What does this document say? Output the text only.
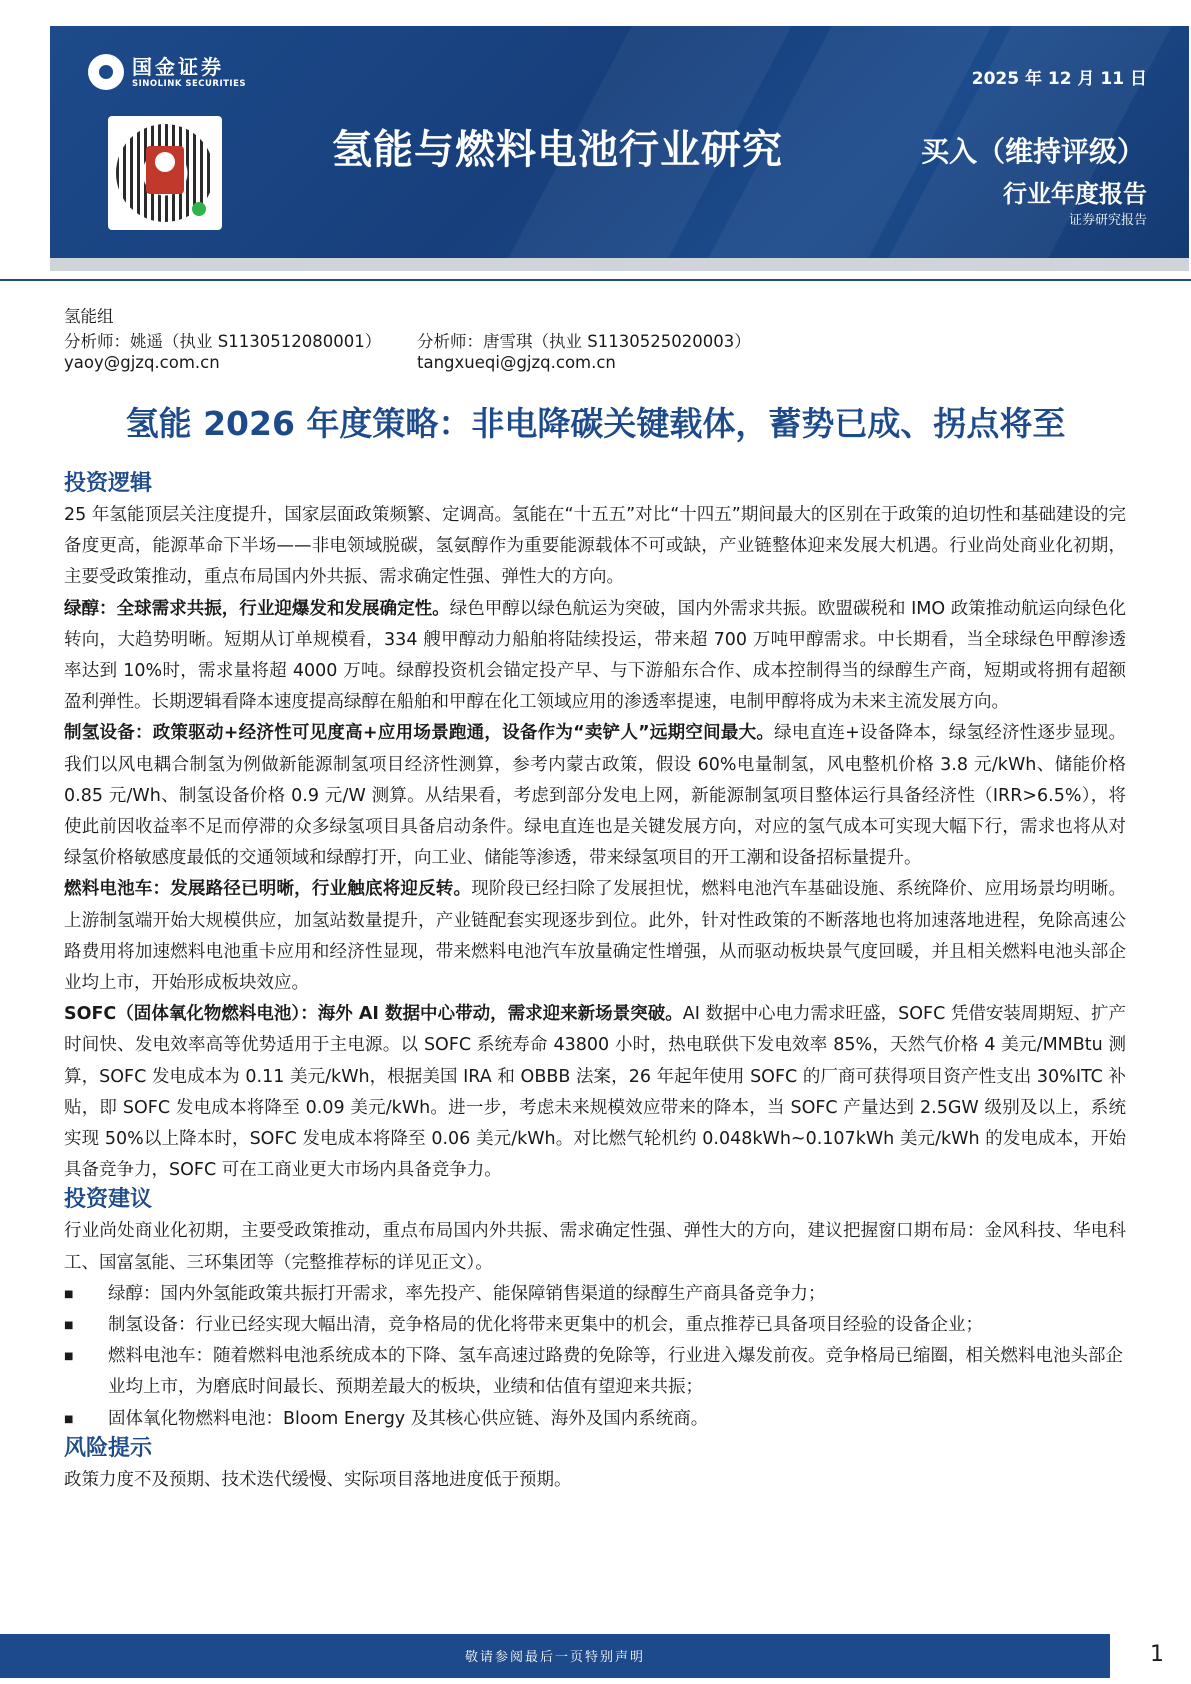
国金证券
SINOLINK SECURITIES	2025 年 12 月 11 日
氢能与燃料电池行业研究	买入（维持评级）
行业年度报告
证券研究报告
氢能组
分析师：姚遥（执业 S1130512080001）
yaoy@gjzq.com.cn
分析师：唐雪琪（执业 S1130525020003）
tangxueqi@gjzq.com.cn
氢能 2026 年度策略：非电降碳关键载体，蓄势已成、拐点将至
投资逻辑

25 年氢能顶层关注度提升，国家层面政策频繁、定调高。氢能在“十五五”对比“十四五”期间最大的区别在于政策的迫切性和基础建设的完备度更高，能源革命下半场——非电领域脱碳，氢氨醇作为重要能源载体不可或缺，产业链整体迎来发展大机遇。行业尚处商业化初期，主要受政策推动，重点布局国内外共振、需求确定性强、弹性大的方向。

绿醇：全球需求共振，行业迎爆发和发展确定性。绿色甲醇以绿色航运为突破，国内外需求共振。欧盟碳税和 IMO 政策推动航运向绿色化转向，大趋势明晰。短期从订单规模看，334 艘甲醇动力船舶将陆续投运，带来超 700 万吨甲醇需求。中长期看，当全球绿色甲醇渗透率达到 10%时，需求量将超 4000 万吨。绿醇投资机会锚定投产早、与下游船东合作、成本控制得当的绿醇生产商，短期或将拥有超额盈利弹性。长期逻辑看降本速度提高绿醇在船舶和甲醇在化工领域应用的渗透率提速，电制甲醇将成为未来主流发展方向。

制氢设备：政策驱动+经济性可见度高+应用场景跑通，设备作为“卖铲人”远期空间最大。绿电直连+设备降本，绿氢经济性逐步显现。我们以风电耦合制氢为例做新能源制氢项目经济性测算，参考内蒙古政策，假设 60%电量制氢，风电整机价格 3.8 元/kWh、储能价格 0.85 元/Wh、制氢设备价格 0.9 元/W 测算。从结果看，考虑到部分发电上网，新能源制氢项目整体运行具备经济性（IRR>6.5%），将使此前因收益率不足而停滞的众多绿氢项目具备启动条件。绿电直连也是关键发展方向，对应的氢气成本可实现大幅下行，需求也将从对绿氢价格敏感度最低的交通领域和绿醇打开，向工业、储能等渗透，带来绿氢项目的开工潮和设备招标量提升。

燃料电池车：发展路径已明晰，行业触底将迎反转。现阶段已经扫除了发展担忧，燃料电池汽车基础设施、系统降价、应用场景均明晰。上游制氢端开始大规模供应，加氢站数量提升，产业链配套实现逐步到位。此外，针对性政策的不断落地也将加速落地进程，免除高速公路费用将加速燃料电池重卡应用和经济性显现，带来燃料电池汽车放量确定性增强，从而驱动板块景气度回暖，并且相关燃料电池头部企业均上市，开始形成板块效应。

SOFC（固体氧化物燃料电池）：海外 AI 数据中心带动，需求迎来新场景突破。AI 数据中心电力需求旺盛，SOFC 凭借安装周期短、扩产时间快、发电效率高等优势适用于主电源。以 SOFC 系统寿命 43800 小时，热电联供下发电效率 85%，天然气价格 4 美元/MMBtu 测算，SOFC 发电成本为 0.11 美元/kWh，根据美国 IRA 和 OBBB 法案，26 年起年使用 SOFC 的厂商可获得项目资产性支出 30%ITC 补贴，即 SOFC 发电成本将降至 0.09 美元/kWh。进一步，考虑未来规模效应带来的降本，当 SOFC 产量达到 2.5GW 级别及以上，系统实现 50%以上降本时，SOFC 发电成本将降至 0.06 美元/kWh。对比燃气轮机约 0.048kWh~0.107kWh 美元/kWh 的发电成本，开始具备竞争力，SOFC 可在工商业更大市场内具备竞争力。

投资建议

行业尚处商业化初期，主要受政策推动，重点布局国内外共振、需求确定性强、弹性大的方向，建议把握窗口期布局：金风科技、华电科工、国富氢能、三环集团等（完整推荐标的详见正文）。

■ 绿醇：国内外氢能政策共振打开需求，率先投产、能保障销售渠道的绿醇生产商具备竞争力；
■ 制氢设备：行业已经实现大幅出清，竞争格局的优化将带来更集中的机会，重点推荐已具备项目经验的设备企业；
■ 燃料电池车：随着燃料电池系统成本的下降、氢车高速过路费的免除等，行业进入爆发前夜。竞争格局已缩圈，相关燃料电池头部企业均上市，为磨底时间最长、预期差最大的板块，业绩和估值有望迎来共振；
■ 固体氧化物燃料电池：Bloom Energy 及其核心供应链、海外及国内系统商。
风险提示

政策力度不及预期、技术迭代缓慢、实际项目落地进度低于预期。

敬请参阅最后一页特别声明	1
